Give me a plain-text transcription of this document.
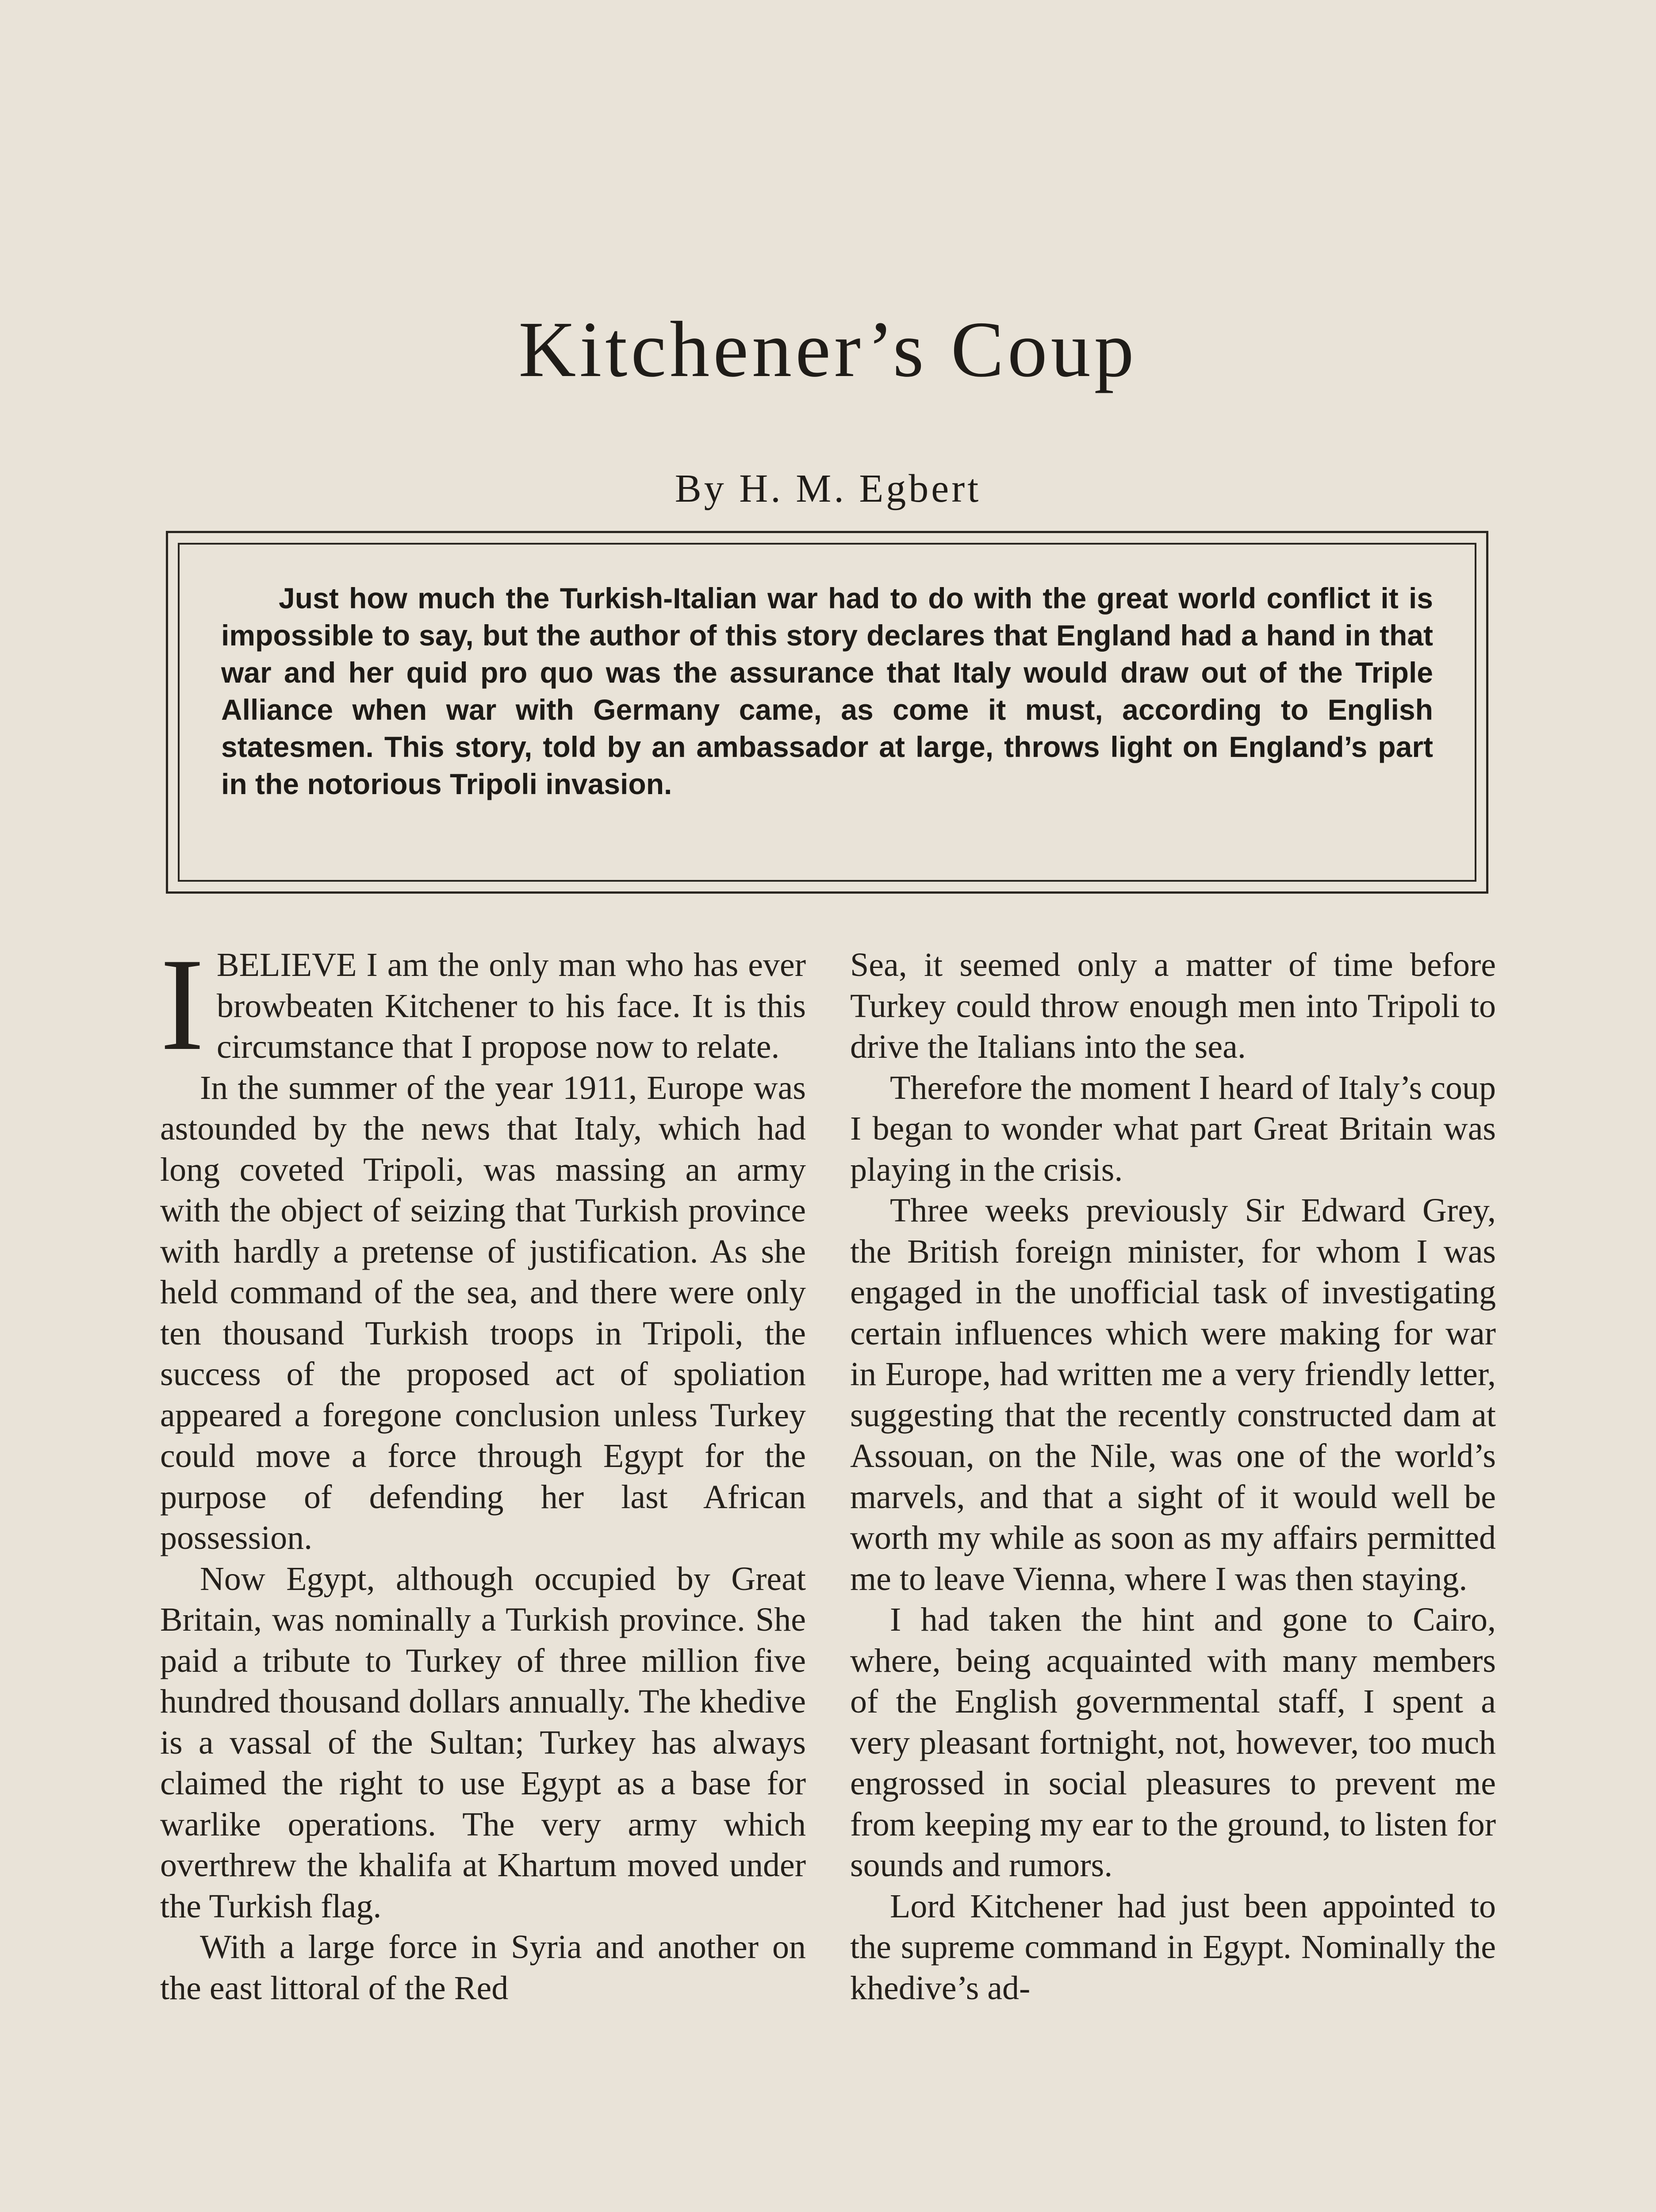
Kitchener’s Coup
By H. M. Egbert

Just how much the Turkish-Italian war had to do with the great world conflict it is impossible to say, but the author of this story declares that England had a hand in that war and her quid pro quo was the assurance that Italy would draw out of the Triple Alliance when war with Germany came, as come it must, according to English statesmen. This story, told by an ambassador at large, throws light on England’s part in the notorious Tripoli invasion.

IBELIEVE I am the only man who has ever browbeaten Kitchener to his face. It is this circumstance that I propose now to relate.

In the summer of the year 1911, Europe was astounded by the news that Italy, which had long coveted Tripoli, was massing an army with the object of seizing that Turkish province with hardly a pretense of justification. As she held command of the sea, and there were only ten thousand Turkish troops in Tripoli, the success of the proposed act of spoliation appeared a foregone conclusion unless Turkey could move a force through Egypt for the purpose of defending her last African possession.

Now Egypt, although occupied by Great Britain, was nominally a Turkish province. She paid a tribute to Turkey of three million five hundred thousand dollars annually. The khedive is a vassal of the Sultan; Turkey has always claimed the right to use Egypt as a base for warlike operations. The very army which overthrew the khalifa at Khartum moved under the Turkish flag.

With a large force in Syria and another on the east littoral of the Red

Sea, it seemed only a matter of time before Turkey could throw enough men into Tripoli to drive the Italians into the sea.

Therefore the moment I heard of Italy’s coup I began to wonder what part Great Britain was playing in the crisis.

Three weeks previously Sir Edward Grey, the British foreign minister, for whom I was engaged in the unofficial task of investigating certain influences which were making for war in Europe, had written me a very friendly letter, suggesting that the recently constructed dam at Assouan, on the Nile, was one of the world’s marvels, and that a sight of it would well be worth my while as soon as my affairs permitted me to leave Vienna, where I was then staying.

I had taken the hint and gone to Cairo, where, being acquainted with many members of the English governmental staff, I spent a very pleasant fortnight, not, however, too much engrossed in social pleasures to prevent me from keeping my ear to the ground, to listen for sounds and rumors.

Lord Kitchener had just been appointed to the supreme command in Egypt. Nominally the khedive’s ad-
